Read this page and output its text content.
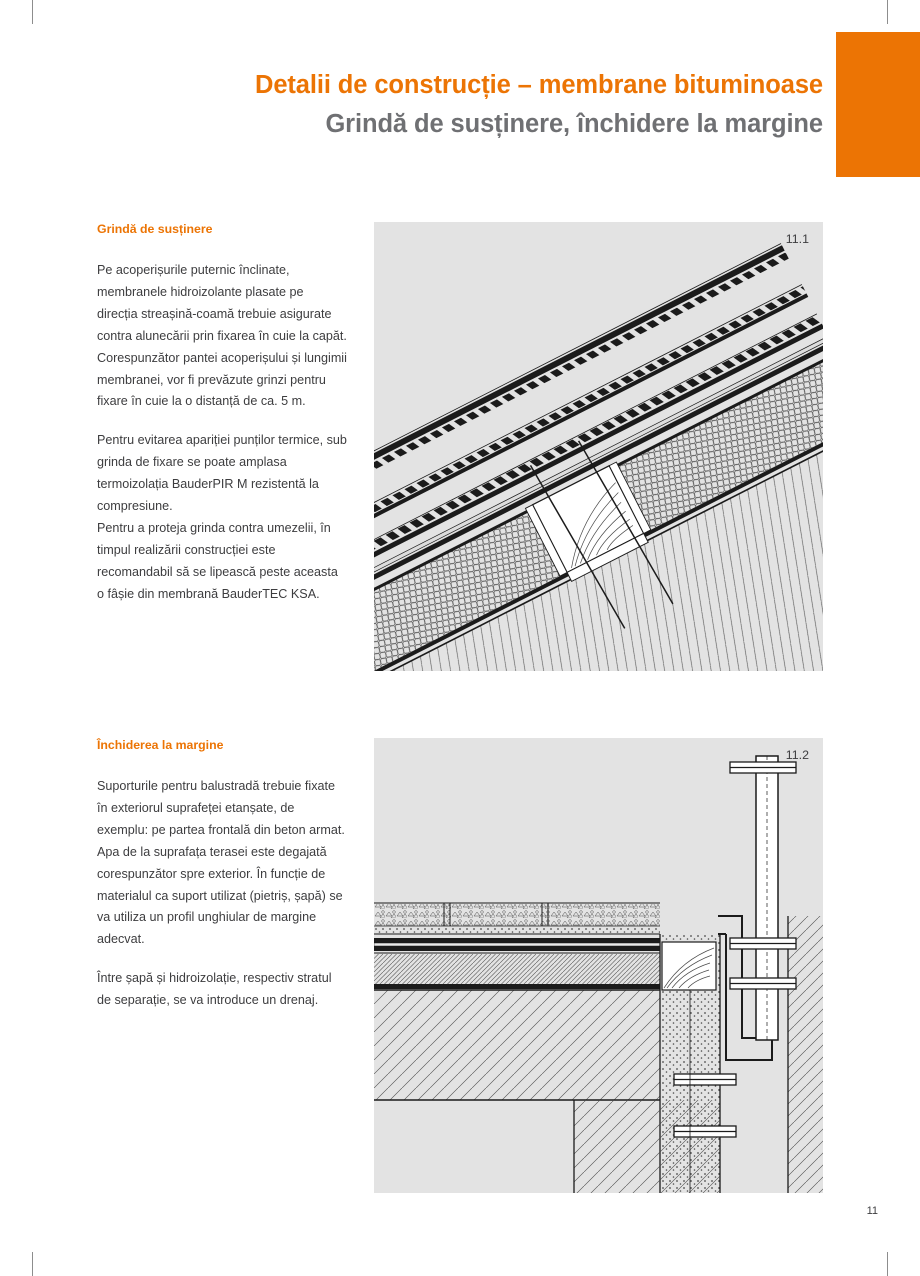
Detalii de construcție – membrane bituminoase
Grindă de susținere, închidere la margine
Grindă de susținere

Pe acoperișurile puternic înclinate, membranele hidroizolante plasate pe direcția streașină-coamă trebuie asigurate contra alunecării prin fixarea în cuie la capăt. Corespunzător pantei acoperișului și lungimii membranei, vor fi prevăzute grinzi pentru fixare în cuie la o distanță de ca. 5 m.

Pentru evitarea apariției punților termice, sub grinda de fixare se poate amplasa termoizolația BauderPIR M rezistentă la compresiune.

Pentru a proteja grinda contra umezelii, în timpul realizării construcției este recomandabil să se lipească peste aceasta o fâșie din membrană BauderTEC KSA.

11.1
Închiderea la margine

Suporturile pentru balustradă trebuie fixate în exteriorul suprafeței etanșate, de exemplu: pe partea frontală din beton armat. Apa de la suprafața terasei este degajată corespunzător spre exterior. În funcție de materialul ca suport utilizat (pietriș, șapă) se va utiliza un profil unghiular de margine adecvat.

Între șapă și hidroizolație, respectiv stratul de separație, se va introduce un drenaj.

11.2
11
